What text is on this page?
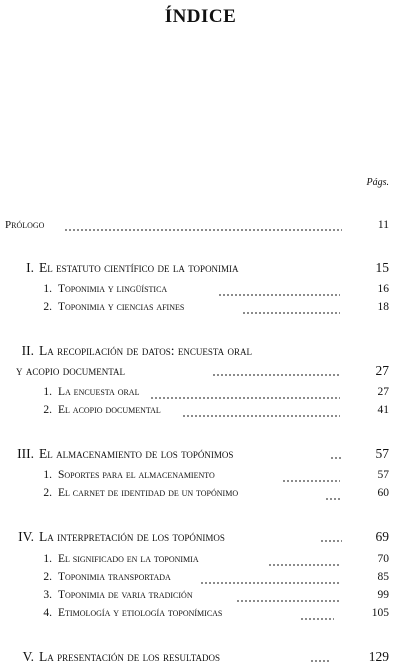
ÍNDICE
Págs.
Prólogo	11
I. El estatuto científico de la toponimia	15
1. Toponimia y lingüística	16
2. Toponimia y ciencias afines	18
II. La recopilación de datos: encuesta oral
y acopio documental	27
1. La encuesta oral	27
2. El acopio documental	41
III. El almacenamiento de los topónimos	57
1. Soportes para el almacenamiento	57
2. El carnet de identidad de un topónimo	60
IV. La interpretación de los topónimos	69
1. El significado en la toponimia	70
2. Toponimia transportada	85
3. Toponimia de varia tradición	99
4. Etimología y etiología toponímicas	105
V. La presentación de los resultados	129
